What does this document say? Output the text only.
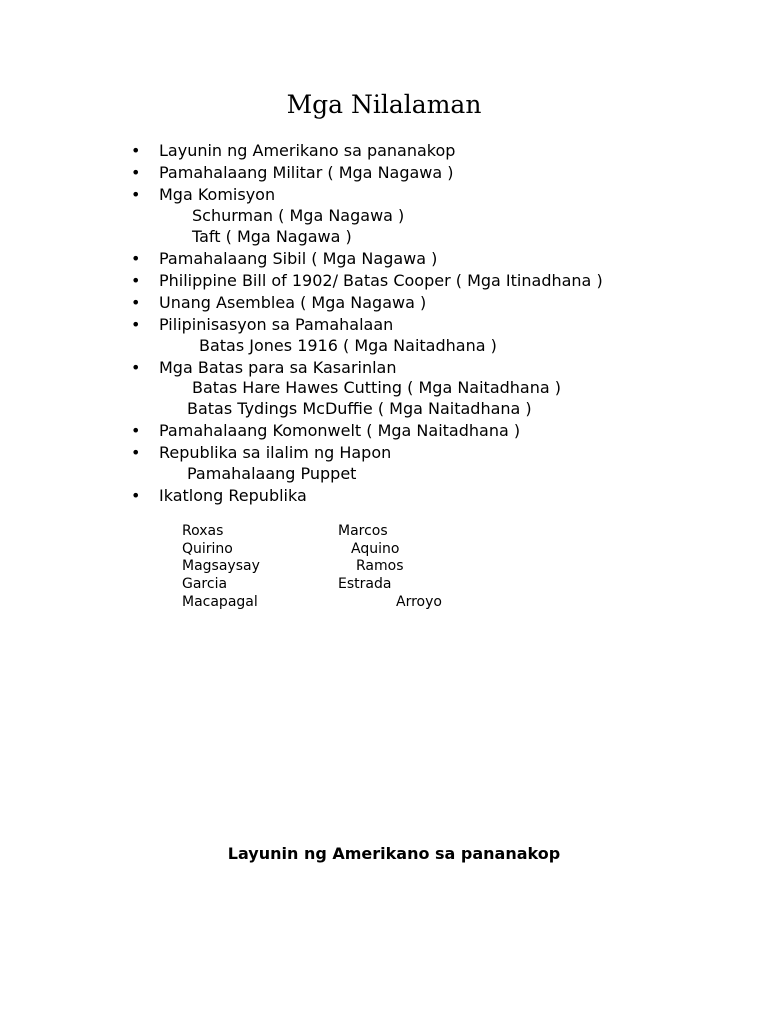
Mga Nilalaman
• Layunin ng Amerikano sa pananakop
• Pamahalaang Militar ( Mga Nagawa )
• Mga Komisyon
Schurman ( Mga Nagawa )
Taft ( Mga Nagawa )
• Pamahalaang Sibil ( Mga Nagawa )
• Philippine Bill of 1902/ Batas Cooper ( Mga Itinadhana )
• Unang Asemblea ( Mga Nagawa )
• Pilipinisasyon sa Pamahalaan
Batas Jones 1916 ( Mga Naitadhana )
• Mga Batas para sa Kasarinlan
Batas Hare Hawes Cutting ( Mga Naitadhana )
Batas Tydings McDuffie ( Mga Naitadhana )
• Pamahalaang Komonwelt ( Mga Naitadhana )
• Republika sa ilalim ng Hapon
Pamahalaang Puppet
• Ikatlong Republika
Roxas
Quirino
Magsaysay
Garcia
Macapagal
Marcos
Aquino
Ramos
Estrada
Arroyo
Layunin ng Amerikano sa pananakop
